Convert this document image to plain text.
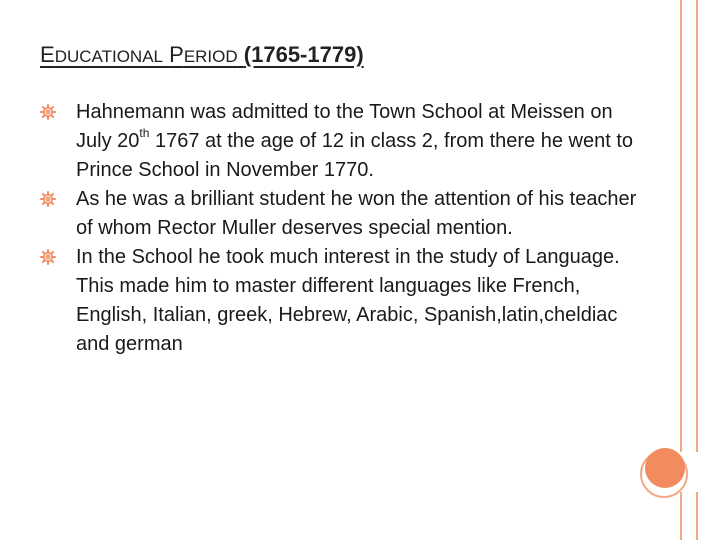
EDUCATIONAL PERIOD (1765-1779)
Hahnemann was admitted to the Town School at Meissen on July 20th 1767 at the age of 12 in class 2, from there he went to Prince School in November 1770.
As he was a brilliant student he won the attention of his teacher of whom Rector Muller deserves special mention.
In the School he took much interest in the study of Language. This made him to master different languages like French, English, Italian, greek, Hebrew, Arabic, Spanish,latin,cheldiac and german
